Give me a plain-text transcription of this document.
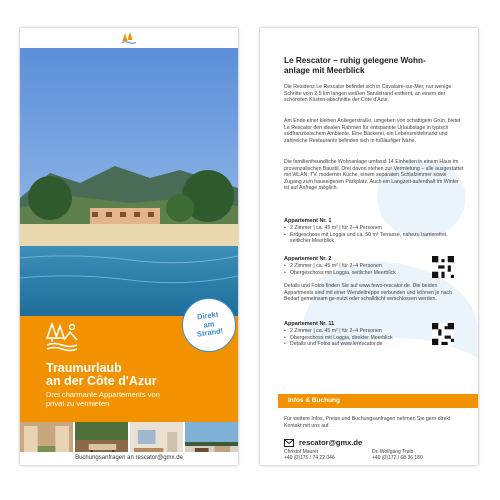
Traumurlaub
an der Côte d'Azur
Drei charmante Appartements von
privat zu vermieten
Direkt
am
Strand!
Buchungsanfragen an rescator@gmx.de
Le Rescator – ruhig gelegene Wohn-
anlage mit Meerblick

Die Residenz Le Rescator befindet sich in Cavalaire-sur-Mer, nur wenige Schritte vom 2,5 km langen weißen Sandstrand entfernt, an einem der schönsten Küsten-abschnitte der Côte d'Azur.

Am Ende einer kleinen Anliegerstraße, umgeben von schattigem Grün, bietet Le Rescator den idealen Rahmen für entspannte Urlaubstage in typisch südfranzösischem Ambiente. Eine Bäckerei, ein Lebensmittelmarkt und zahlreiche Restaurants befinden sich in fußläufiger Nähe.

Die familienfreundliche Wohnanlage umfasst 14 Einheiten in einem Haus im provenzalischen Baustil. Drei davon stehen zur Vermietung – alle ausgestattet mit WLAN, TV, moderner Küche, einem separaten Schlafzimmer sowie Zugang zum hauseigenen Parkplatz. Auch ein Langzeit-aufenthalt im Winter ist auf Anfrage möglich.

Appartement Nr. 1
• 2 Zimmer | ca. 45 m² | für 2–4 Personen
• Erdgeschoss mit Loggia und ca. 50 m² Terrasse, nahezu barrierefrei, seitlicher Meerblick
Appartement Nr. 2
• 2 Zimmer | ca. 45 m² | für 2–4 Personen
• Obergeschoss mit Loggia, seitlicher Meerblick

Details und Fotos finden Sie auf www.fewo-rescator.de. Die beiden Appartments sind mit einer Wendeltreppe verbunden und können je nach Bedarf gemeinsam ge-nutzt oder schalldicht verschlossen werden.

Appartement Nr. 11
• 2 Zimmer | ca. 45 m² | für 2–4 Personen
• Obergeschoss mit Loggia, direkter Meerblick
• Details und Fotos auf www.lerescator.de
Infos & Buchung

Für weitere Infos, Preise und Buchungsanfragen nehmen Sie gern direkt Kontakt mit uns auf.

rescator@gmx.de
Christof Maurer
+49 (0)175 / 74 22 046
Dr. Wolfgang Treib
+49 (0)172 / 68 36 180
